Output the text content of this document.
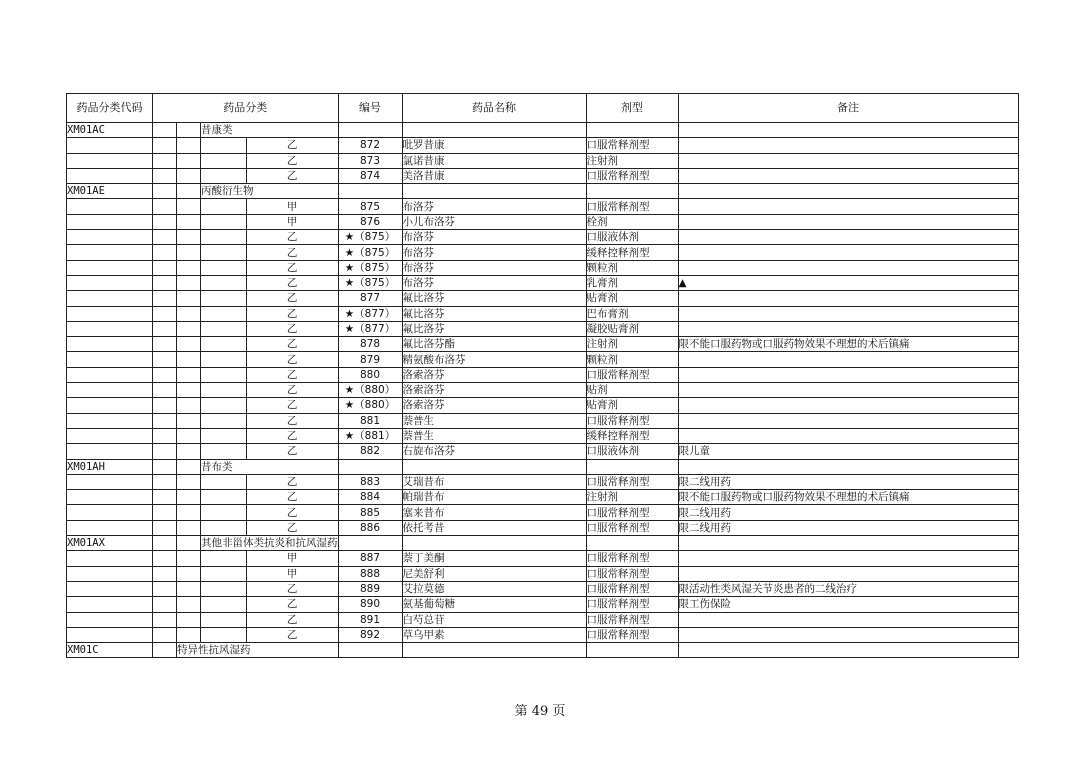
药品分类代码	药品分类				编号	药品名称	剂型	备注
XM01AC			昔康类					
				乙	872	吡罗昔康	口服常释剂型	
				乙	873	氯诺昔康	注射剂	
				乙	874	美洛昔康	口服常释剂型	
XM01AE			丙酸衍生物					
				甲	875	布洛芬	口服常释剂型	
				甲	876	小儿布洛芬	栓剂	
				乙	★（875）	布洛芬	口服液体剂	
				乙	★（875）	布洛芬	缓释控释剂型	
				乙	★（875）	布洛芬	颗粒剂	
				乙	★（875）	布洛芬	乳膏剂	▲
				乙	877	氟比洛芬	贴膏剂	
				乙	★（877）	氟比洛芬	巴布膏剂	
				乙	★（877）	氟比洛芬	凝胶贴膏剂	
				乙	878	氟比洛芬酯	注射剂	限不能口服药物或口服药物效果不理想的术后镇痛
				乙	879	精氨酸布洛芬	颗粒剂	
				乙	880	洛索洛芬	口服常释剂型	
				乙	★（880）	洛索洛芬	贴剂	
				乙	★（880）	洛索洛芬	贴膏剂	
				乙	881	萘普生	口服常释剂型	
				乙	★（881）	萘普生	缓释控释剂型	
				乙	882	右旋布洛芬	口服液体剂	限儿童
XM01AH			昔布类					
				乙	883	艾瑞昔布	口服常释剂型	限二线用药
				乙	884	帕瑞昔布	注射剂	限不能口服药物或口服药物效果不理想的术后镇痛
				乙	885	塞来昔布	口服常释剂型	限二线用药
				乙	886	依托考昔	口服常释剂型	限二线用药
XM01AX			其他非甾体类抗炎和抗风湿药					
				甲	887	萘丁美酮	口服常释剂型	
				甲	888	尼美舒利	口服常释剂型	
				乙	889	艾拉莫德	口服常释剂型	限活动性类风湿关节炎患者的二线治疗
				乙	890	氨基葡萄糖	口服常释剂型	限工伤保险
				乙	891	白芍总苷	口服常释剂型	
				乙	892	草乌甲素	口服常释剂型	
XM01C		特异性抗风湿药						
第 49 页
